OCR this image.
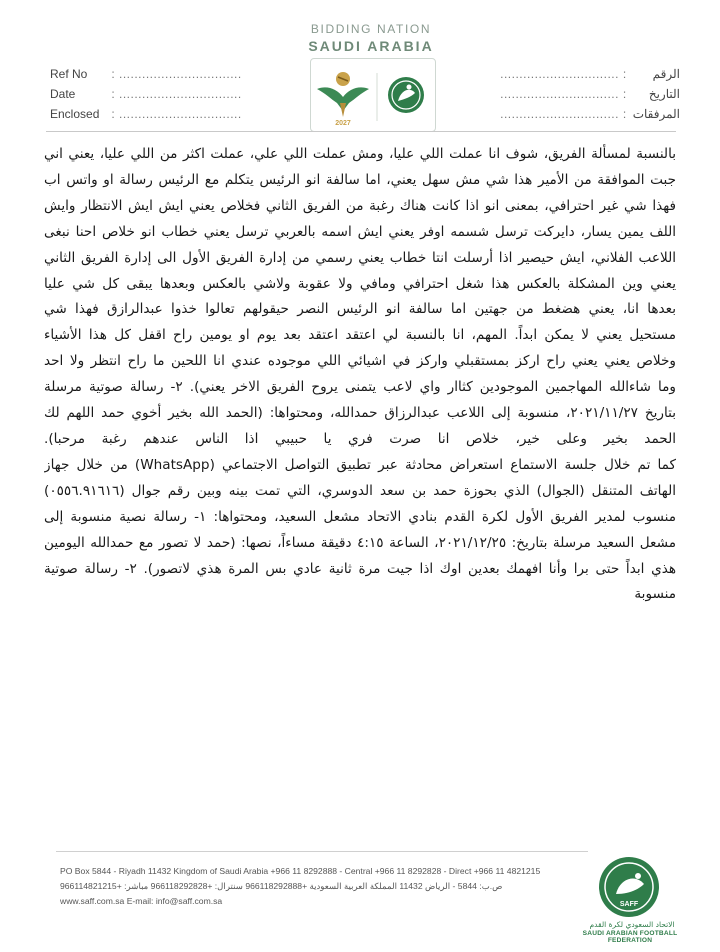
BIDDING NATION
SAUDI ARABIA
2027
Ref No : ................................
Date	: ................................
Enclosed : ................................
الرقم : ...............................
التاريخ : ...............................
المرفقات : ...............................

بالنسبة لمسألة الفريق، شوف انا عملت اللي عليا، ومش عملت اللي علي، عملت اكثر من اللي عليا، يعني اني جبت الموافقة من الأمير هذا شي مش سهل يعني، اما سالفة انو الرئيس يتكلم مع الرئيس رسالة او واتس اب فهذا شي غير احترافي، بمعنى انو اذا كانت هناك رغبة من الفريق الثاني فخلاص يعني ايش ايش الانتظار وايش اللف يمين يسار، دايركت ترسل شسمه اوفر يعني ايش اسمه بالعربي ترسل يعني خطاب انو خلاص احنا نبغى اللاعب الفلاني، ايش حيصير اذا أرسلت انتا خطاب يعني رسمي من إدارة الفريق الأول الى إدارة الفريق الثاني يعني وين المشكلة بالعكس هذا شغل احترافي ومافي ولا عقوبة ولاشي بالعكس وبعدها يبقى كل شي عليا بعدها انا، يعني هضغط من جهتين اما سالفة انو الرئيس النصر حيقولهم تعالوا خذوا عبدالرازق فهذا شي مستحيل يعني لا يمكن ابداً. المهم، انا بالنسبة لي اعتقد اعتقد بعد يوم او يومين راح اقفل كل هذا الأشياء وخلاص يعني يعني راح اركز بمستقبلي واركز في اشيائي اللي موجوده عندي انا اللحين ما راح انتظر ولا احد وما شاءالله المهاجمين الموجودين كثاار واي لاعب يتمنى يروح الفريق الاخر يعني). ٢- رسالة صوتية مرسلة بتاريخ ٢٠٢١/١١/٢٧، منسوبة إلى اللاعب عبدالرزاق حمدالله، ومحتواها: (الحمد الله بخير أخوي حمد اللهم لك الحمد بخير وعلى خير، خلاص انا صرت فري يا حبيبي اذا الناس عندهم رغبة مرحبا).

كما تم خلال جلسة الاستماع استعراض محادثة عبر تطبيق التواصل الاجتماعي (WhatsApp) من خلال جهاز الهاتف المتنقل (الجوال) الذي بحوزة حمد بن سعد الدوسري، التي تمت بينه وبين رقم جوال (٠٥٥٦.٩١٦١٦) منسوب لمدير الفريق الأول لكرة القدم بنادي الاتحاد مشعل السعيد، ومحتواها: ١- رسالة نصية منسوبة إلى مشعل السعيد مرسلة بتاريخ: ٢٠٢١/١٢/٢٥، الساعة ٤:١٥ دقيقة مساءاً، نصها: (حمد لا تصور مع حمدالله اليومين هذي ابداً حتى برا وأنا افهمك بعدين اوك اذا جيت مرة ثانية عادي بس المرة هذي لاتصور). ٢- رسالة صوتية منسوبة

PO Box 5844 - Riyadh 11432 Kingdom of Saudi Arabia +966 11 8292888 - Central +966 11 8292828 - Direct +966 11 4821215
ص.ب: 5844 - الرياض 11432 المملكة العربية السعودية +966118292888 سنترال: +966118292828 مباشر: +966114821215
www.saff.com.sa E-mail: info@saff.com.sa	SAFF
الاتحاد السعودي لكرة القدم
SAUDI ARABIAN FOOTBALL FEDERATION
